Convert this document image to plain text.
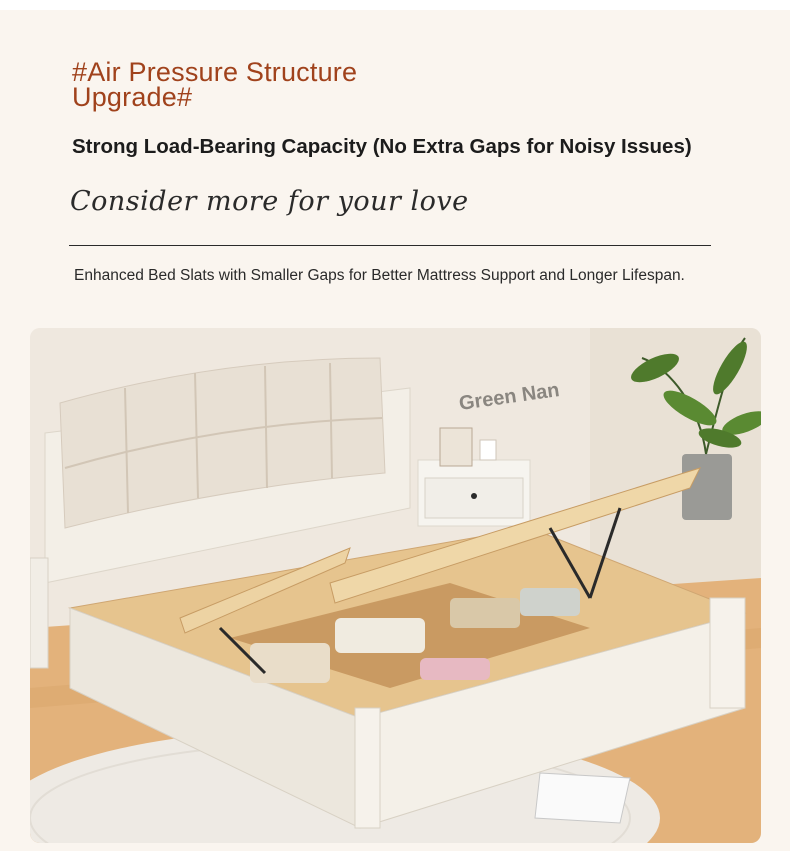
#Air Pressure Structure Upgrade#
Strong Load-Bearing Capacity (No Extra Gaps for Noisy Issues)
Consider more for your love
Enhanced Bed Slats with Smaller Gaps for Better Mattress Support and Longer Lifespan.
Green Nan
